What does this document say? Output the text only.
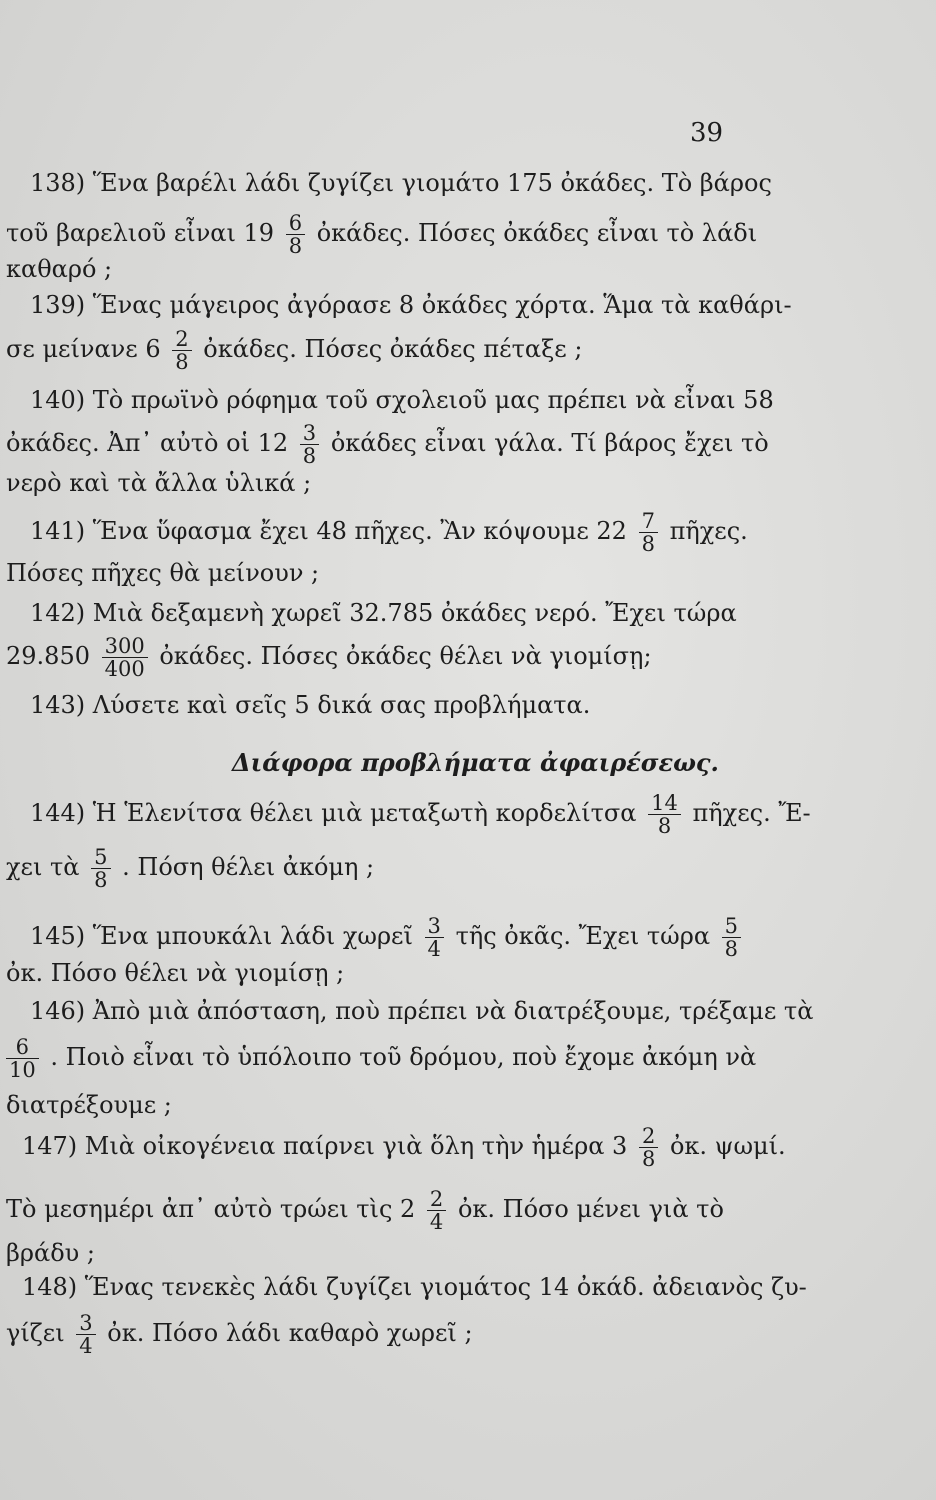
39
138) Ἕνα βαρέλι λάδι ζυγίζει γιομάτο 175 ὀκάδες. Τὸ βάρος
τοῦ βαρελιοῦ εἶναι $19 \frac{6}{8}$ ὀκάδες. Πόσες ὀκάδες εἶναι τὸ λάδι
καθαρό ;
139) Ἕνας μάγειρος ἀγόρασε 8 ὀκάδες χόρτα. Ἅμα τὰ καθάρι-
σε μείνανε $6 \frac{2}{8}$ ὀκάδες. Πόσες ὀκάδες πέταξε ;
140) Τὸ πρωϊνὸ ρόφημα τοῦ σχολειοῦ μας πρέπει νὰ εἶναι 58
ὀκάδες. Ἀπ᾽ αὐτὸ οἱ $12 \frac{3}{8}$ ὀκάδες εἶναι γάλα. Τί βάρος ἔχει τὸ
νερὸ καὶ τὰ ἄλλα ὑλικά ;
141) Ἕνα ὕφασμα ἔχει 48 πῆχες. Ἂν κόψουμε $22 \frac{7}{8}$ πῆχες.
Πόσες πῆχες θὰ μείνουν ;
142) Μιὰ δεξαμενὴ χωρεῖ 32.785 ὀκάδες νερό. Ἔχει τώρα
$29.850 \frac{300}{400}$ ὀκάδες. Πόσες ὀκάδες θέλει νὰ γιομίσῃ;
143) Λύσετε καὶ σεῖς 5 δικά σας προβλήματα.
Διάφορα προβλήματα ἀφαιρέσεως.
144) Ἡ Ἑλενίτσα θέλει μιὰ μεταξωτὴ κορδελίτσα $\frac{14}{8}$ πῆχες. Ἔ-
χει τὰ $\frac{5}{8}$ . Πόση θέλει ἀκόμη ;
145) Ἕνα μπουκάλι λάδι χωρεῖ $\frac{3}{4}$ τῆς ὀκᾶς. Ἔχει τώρα $\frac{5}{8}$
ὀκ. Πόσο θέλει νὰ γιομίσῃ ;
146) Ἀπὸ μιὰ ἀπόσταση, ποὺ πρέπει νὰ διατρέξουμε, τρέξαμε τὰ
$\frac{6}{10}$ . Ποιὸ εἶναι τὸ ὑπόλοιπο τοῦ δρόμου, ποὺ ἔχομε ἀκόμη νὰ
διατρέξουμε ;
147) Μιὰ οἰκογένεια παίρνει γιὰ ὅλη τὴν ἡμέρα $3 \frac{2}{8}$ ὀκ. ψωμί.
Τὸ μεσημέρι ἀπ᾽ αὐτὸ τρώει τὶς $2 \frac{2}{4}$ ὀκ. Πόσο μένει γιὰ τὸ
βράδυ ;
148) Ἕνας τενεκὲς λάδι ζυγίζει γιομάτος 14 ὀκάδ. ἀδειανὸς ζυ-
γίζει $\frac{3}{4}$ ὀκ. Πόσο λάδι καθαρὸ χωρεῖ ;
